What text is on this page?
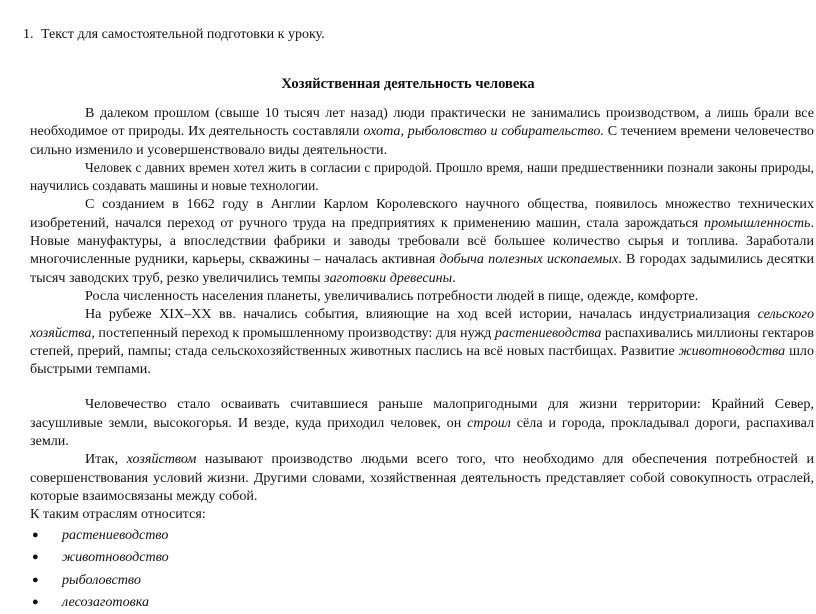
1. Текст для самостоятельной подготовки к уроку.
Хозяйственная деятельность человека

В далеком прошлом (свыше 10 тысяч лет назад) люди практически не занимались производством, а лишь брали все необходимое от природы. Их деятельность составляли охота, рыболовство и собирательство. С течением времени человечество сильно изменило и усовершенствовало виды деятельности.

Человек с давних времен хотел жить в согласии с природой. Прошло время, наши предшественники познали законы природы, научились создавать машины и новые технологии.

С созданием в 1662 году в Англии Карлом Королевского научного общества, появилось множество технических изобретений, начался переход от ручного труда на предприятиях к применению машин, стала зарождаться промышленность. Новые мануфактуры, а впоследствии фабрики и заводы требовали всё большее количество сырья и топлива. Заработали многочисленные рудники, карьеры, скважины – началась активная добыча полезных ископаемых. В городах задымились десятки тысяч заводских труб, резко увеличились темпы заготовки древесины.

Росла численность населения планеты, увеличивались потребности людей в пище, одежде, комфорте.

На рубеже XIX–XX вв. начались события, влияющие на ход всей истории, началась индустриализация сельского хозяйства, постепенный переход к промышленному производству: для нужд растениеводства распахивались миллионы гектаров степей, прерий, пампы; стада сельскохозяйственных животных паслись на всё новых пастбищах. Развитие животноводства шло быстрыми темпами.

Человечество стало осваивать считавшиеся раньше малопригодными для жизни территории: Крайний Север, засушливые земли, высокогорья. И везде, куда приходил человек, он строил сёла и города, прокладывал дороги, распахивал земли.

Итак, хозяйством называют производство людьми всего того, что необходимо для обеспечения потребностей и совершенствования условий жизни. Другими словами, хозяйственная деятельность представляет собой совокупность отраслей, которые взаимосвязаны между собой.

К таким отраслям относится:

● растениеводство
● животноводство
● рыболовство
● лесозаготовка
